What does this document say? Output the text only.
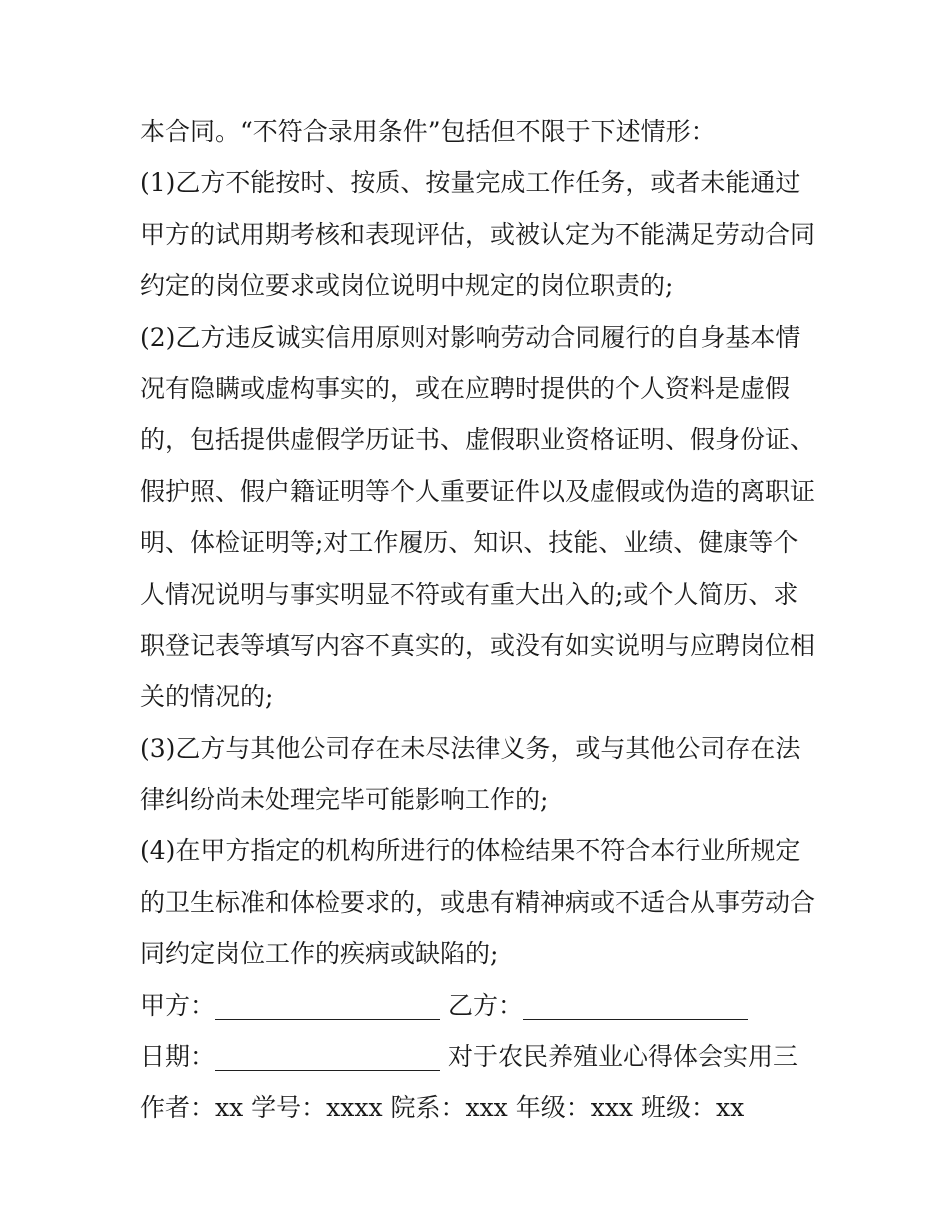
本合同。“不符合录用条件”包括但不限于下述情形：
(1)乙方不能按时、按质、按量完成工作任务，或者未能通过
甲方的试用期考核和表现评估，或被认定为不能满足劳动合同
约定的岗位要求或岗位说明中规定的岗位职责的;
(2)乙方违反诚实信用原则对影响劳动合同履行的自身基本情
况有隐瞒或虚构事实的，或在应聘时提供的个人资料是虚假
的，包括提供虚假学历证书、虚假职业资格证明、假身份证、
假护照、假户籍证明等个人重要证件以及虚假或伪造的离职证
明、体检证明等;对工作履历、知识、技能、业绩、健康等个
人情况说明与事实明显不符或有重大出入的;或个人简历、求
职登记表等填写内容不真实的，或没有如实说明与应聘岗位相
关的情况的;
(3)乙方与其他公司存在未尽法律义务，或与其他公司存在法
律纠纷尚未处理完毕可能影响工作的;
(4)在甲方指定的机构所进行的体检结果不符合本行业所规定
的卫生标准和体检要求的，或患有精神病或不适合从事劳动合
同约定岗位工作的疾病或缺陷的;
甲方：__________________ 乙方：__________________
日期：__________________ 对于农民养殖业心得体会实用三
作者：xx 学号：xxxx 院系：xxx 年级：xxx 班级：xx
